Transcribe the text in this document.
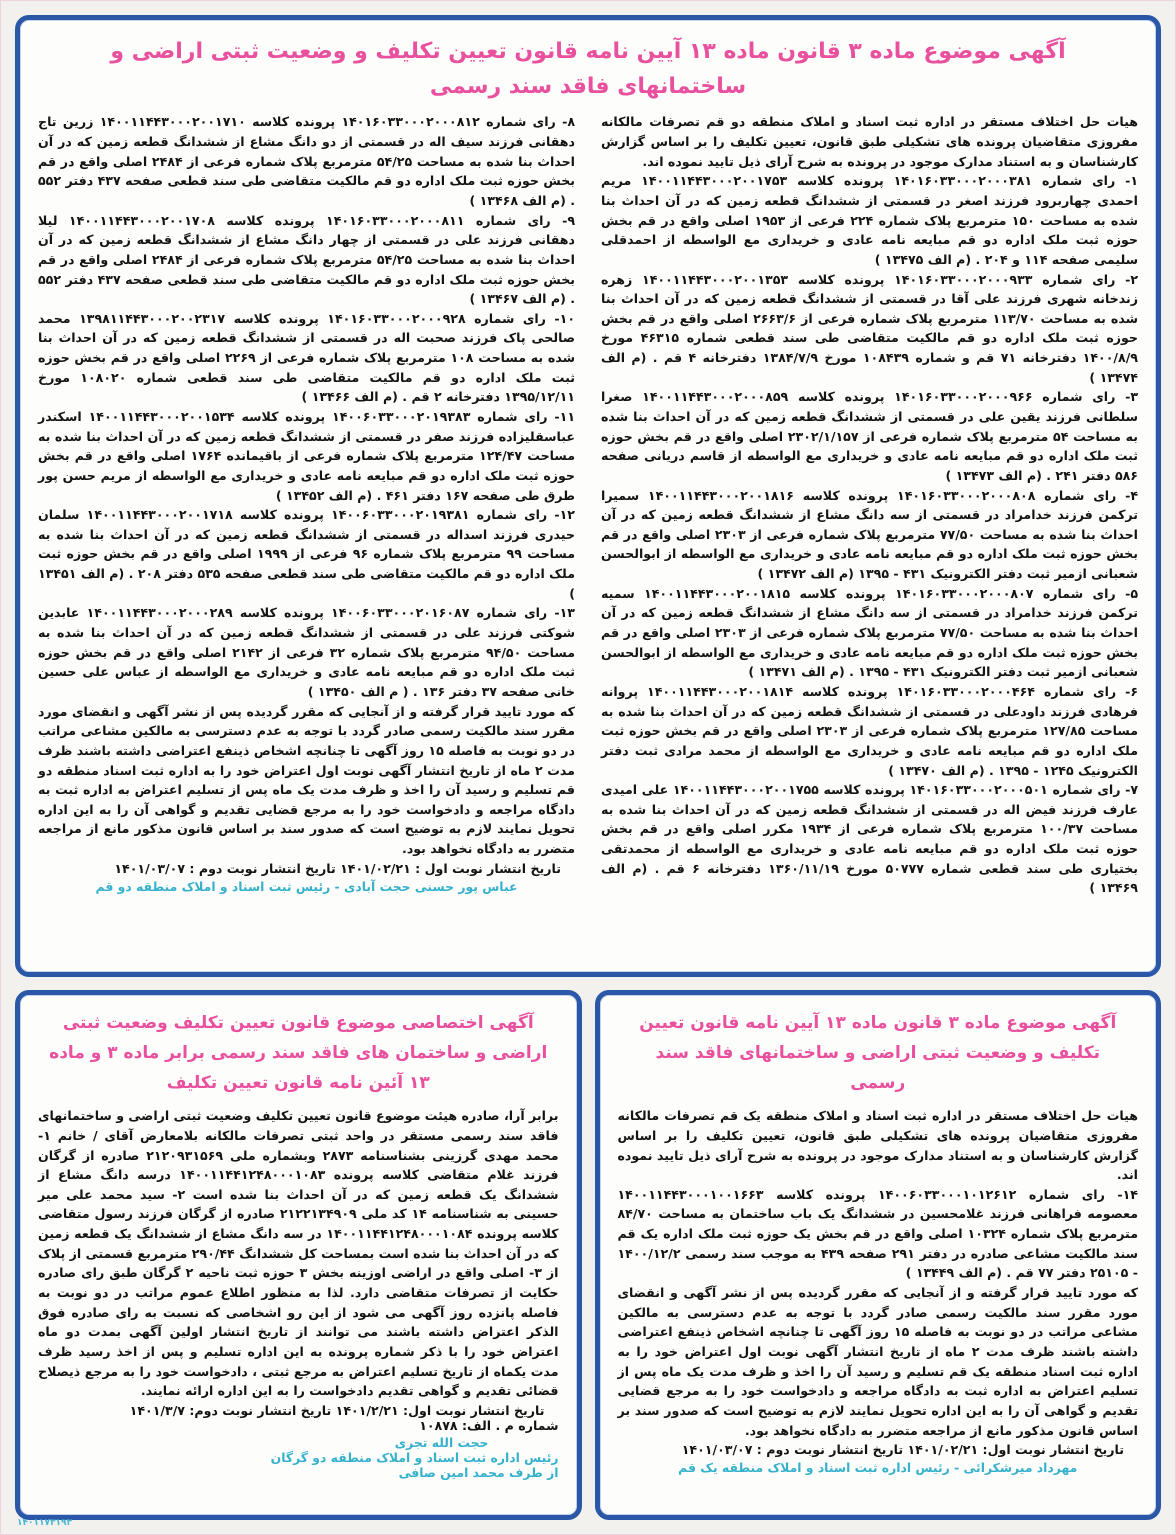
آگهی موضوع ماده ۳ قانون ماده ۱۳ آیین نامه قانون تعیین تکلیف و وضعیت ثبتی اراضی و ساختمانهای فاقد سند رسمی

هیات حل اختلاف مستقر در اداره ثبت اسناد و املاک منطقه دو قم تصرفات مالکانه مفروزی متقاضیان پرونده های تشکیلی طبق قانون، تعیین تکلیف را بر اساس گزارش کارشناسان و به استناد مدارک موجود در پرونده به شرح آرای ذیل تایید نموده اند.

۱- رای شماره ۱۴۰۱۶۰۳۳۰۰۰۲۰۰۰۳۸۱ پرونده کلاسه ۱۴۰۰۱۱۴۴۳۰۰۰۲۰۰۱۷۵۳ مریم احمدی چهاربرود فرزند اصغر در قسمتی از ششدانگ قطعه زمین که در آن احداث بنا شده به مساحت ۱۵۰ مترمربع پلاک شماره ۲۲۴ فرعی از ۱۹۵۳ اصلی واقع در قم بخش حوزه ثبت ملک اداره دو قم مبایعه نامه عادی و خریداری مع الواسطه از احمدقلی سلیمی صفحه ۱۱۴ و ۲۰۴ . (م الف ۱۳۴۷۵ )

۲- رای شماره ۱۴۰۱۶۰۳۳۰۰۰۲۰۰۰۹۳۳ پرونده کلاسه ۱۴۰۰۱۱۴۴۳۰۰۰۲۰۰۱۳۵۳ زهره زندخانه شهری فرزند علی آقا در قسمتی از ششدانگ قطعه زمین که در آن احداث بنا شده به مساحت ۱۱۳/۷۰ مترمربع پلاک شماره فرعی از ۲۶۶۳/۶ اصلی واقع در قم بخش حوزه ثبت ملک اداره دو قم مالکیت متقاضی طی سند قطعی شماره ۴۶۳۱۵ مورخ ۱۴۰۰/۸/۹ دفترخانه ۷۱ قم و شماره ۱۰۸۴۳۹ مورخ ۱۳۸۴/۷/۹ دفترخانه ۴ قم . (م الف ۱۳۴۷۴ )

۳- رای شماره ۱۴۰۱۶۰۳۳۰۰۰۲۰۰۰۹۶۶ پرونده کلاسه ۱۴۰۰۱۱۴۴۳۰۰۰۲۰۰۰۸۵۹ صغرا سلطانی فرزند یقین علی در قسمتی از ششدانگ قطعه زمین که در آن احداث بنا شده به مساحت ۵۴ مترمربع پلاک شماره فرعی از ۲۳۰۲/۱/۱۵۷ اصلی واقع در قم بخش حوزه ثبت ملک اداره دو قم مبایعه نامه عادی و خریداری مع الواسطه از قاسم دریانی صفحه ۵۸۶ دفتر ۲۴۱ . (م الف ۱۳۴۷۳ )

۴- رای شماره ۱۴۰۱۶۰۳۳۰۰۰۲۰۰۰۸۰۸ پرونده کلاسه ۱۴۰۰۱۱۴۴۳۰۰۰۲۰۰۱۸۱۶ سمیرا ترکمن فرزند خدامراد در قسمتی از سه دانگ مشاع از ششدانگ قطعه زمین که در آن احداث بنا شده به مساحت ۷۷/۵۰ مترمربع پلاک شماره فرعی از ۲۳۰۳ اصلی واقع در قم بخش حوزه ثبت ملک اداره دو قم مبایعه نامه عادی و خریداری مع الواسطه از ابوالحسن شعبانی ازمیر ثبت دفتر الکترونیک ۴۳۱ - ۱۳۹۵ (م الف ۱۳۴۷۲ )

۵- رای شماره ۱۴۰۱۶۰۳۳۰۰۰۲۰۰۰۸۰۷ پرونده کلاسه ۱۴۰۰۱۱۴۴۳۰۰۰۲۰۰۱۸۱۵ سمیه ترکمن فرزند خدامراد در قسمتی از سه دانگ مشاع از ششدانگ قطعه زمین که در آن احداث بنا شده به مساحت ۷۷/۵۰ مترمربع پلاک شماره فرعی از ۲۳۰۳ اصلی واقع در قم بخش حوزه ثبت ملک اداره دو قم مبایعه نامه عادی و خریداری مع الواسطه از ابوالحسن شعبانی ازمیر ثبت دفتر الکترونیک ۴۳۱ - ۱۳۹۵ . (م الف ۱۳۴۷۱ )

۶- رای شماره ۱۴۰۱۶۰۳۳۰۰۰۲۰۰۰۴۶۴ پرونده کلاسه ۱۴۰۰۱۱۴۴۳۰۰۰۲۰۰۱۸۱۴ پروانه فرهادی فرزند داودعلی در قسمتی از ششدانگ قطعه زمین که در آن احداث بنا شده به مساحت ۱۲۷/۸۵ مترمربع پلاک شماره فرعی از ۲۳۰۳ اصلی واقع در قم بخش حوزه ثبت ملک اداره دو قم مبایعه نامه عادی و خریداری مع الواسطه از محمد مرادی ثبت دفتر الکترونیک ۱۲۴۵ - ۱۳۹۵ . (م الف ۱۳۴۷۰ )

۷- رای شماره ۱۴۰۱۶۰۳۳۰۰۰۲۰۰۰۵۰۱ پرونده کلاسه ۱۴۰۰۱۱۴۴۳۰۰۰۲۰۰۱۷۵۵ علی امیدی عارف فرزند فیض اله در قسمتی از ششدانگ قطعه زمین که در آن احداث بنا شده به مساحت ۱۰۰/۳۷ مترمربع پلاک شماره فرعی از ۱۹۳۴ مکرر اصلی واقع در قم بخش حوزه ثبت ملک اداره دو قم مبایعه نامه عادی و خریداری مع الواسطه از محمدتقی بختیاری طی سند قطعی شماره ۵۰۷۷۷ مورخ ۱۳۶۰/۱۱/۱۹ دفترخانه ۶ قم . (م الف ۱۳۴۶۹ )

۸- رای شماره ۱۴۰۱۶۰۳۳۰۰۰۲۰۰۰۸۱۲ پرونده کلاسه ۱۴۰۰۱۱۴۴۳۰۰۰۲۰۰۱۷۱۰ زرین تاج دهقانی فرزند سیف اله در قسمتی از دو دانگ مشاع از ششدانگ قطعه زمین که در آن احداث بنا شده به مساحت ۵۴/۲۵ مترمربع پلاک شماره فرعی از ۲۴۸۴ اصلی واقع در قم بخش حوزه ثبت ملک اداره دو قم مالکیت متقاضی طی سند قطعی صفحه ۴۳۷ دفتر ۵۵۲ . (م الف ۱۳۴۶۸ )

۹- رای شماره ۱۴۰۱۶۰۳۳۰۰۰۲۰۰۰۸۱۱ پرونده کلاسه ۱۴۰۰۱۱۴۴۳۰۰۰۲۰۰۱۷۰۸ لیلا دهقانی فرزند علی در قسمتی از چهار دانگ مشاع از ششدانگ قطعه زمین که در آن احداث بنا شده به مساحت ۵۴/۲۵ مترمربع پلاک شماره فرعی از ۲۴۸۴ اصلی واقع در قم بخش حوزه ثبت ملک اداره دو قم مالکیت متقاضی طی سند قطعی صفحه ۴۳۷ دفتر ۵۵۲ . (م الف ۱۳۴۶۷ )

۱۰- رای شماره ۱۴۰۱۶۰۳۳۰۰۰۲۰۰۰۹۲۸ پرونده کلاسه ۱۳۹۸۱۱۴۴۳۰۰۰۲۰۰۲۳۱۷ محمد صالحی پاک فرزند صحبت اله در قسمتی از ششدانگ قطعه زمین که در آن احداث بنا شده به مساحت ۱۰۸ مترمربع پلاک شماره فرعی از ۲۲۶۹ اصلی واقع در قم بخش حوزه ثبت ملک اداره دو قم مالکیت متقاضی طی سند قطعی شماره ۱۰۸۰۲۰ مورخ ۱۳۹۵/۱۲/۱۱ دفترخانه ۲ قم . (م الف ۱۳۴۶۶ )

۱۱- رای شماره ۱۴۰۰۶۰۳۳۰۰۰۲۰۱۹۳۸۳ پرونده کلاسه ۱۴۰۰۱۱۴۴۳۰۰۰۲۰۰۱۵۳۴ اسکندر عباسقلیزاده فرزند صفر در قسمتی از ششدانگ قطعه زمین که در آن احداث بنا شده به مساحت ۱۲۴/۴۷ مترمربع پلاک شماره فرعی از باقیمانده ۱۷۶۴ اصلی واقع در قم بخش حوزه ثبت ملک اداره دو قم مبایعه نامه عادی و خریداری مع الواسطه از مریم حسن پور طرق طی صفحه ۱۶۷ دفتر ۴۶۱ . (م الف ۱۳۴۵۲ )

۱۲- رای شماره ۱۴۰۰۶۰۳۳۰۰۰۲۰۱۹۳۸۱ پرونده کلاسه ۱۴۰۰۱۱۴۴۳۰۰۰۲۰۰۱۷۱۸ سلمان حیدری فرزند اسداله در قسمتی از ششدانگ قطعه زمین که در آن احداث بنا شده به مساحت ۹۹ مترمربع پلاک شماره ۹۶ فرعی از ۱۹۹۹ اصلی واقع در قم بخش حوزه ثبت ملک اداره دو قم مالکیت متقاضی طی سند قطعی صفحه ۵۳۵ دفتر ۲۰۸ . (م الف ۱۳۴۵۱ )

۱۳- رای شماره ۱۴۰۰۶۰۳۳۰۰۰۲۰۱۶۰۸۷ پرونده کلاسه ۱۴۰۰۱۱۴۴۳۰۰۰۲۰۰۰۲۸۹ عابدین شوکتی فرزند علی در قسمتی از ششدانگ قطعه زمین که در آن احداث بنا شده به مساحت ۹۴/۵۰ مترمربع پلاک شماره ۳۲ فرعی از ۲۱۴۲ اصلی واقع در قم بخش حوزه ثبت ملک اداره دو قم مبایعه نامه عادی و خریداری مع الواسطه از عباس علی حسین خانی صفحه ۳۷ دفتر ۱۳۶ . ( م الف ۱۳۴۵۰ )

که مورد تایید قرار گرفته و از آنجایی که مقرر گردیده پس از نشر آگهی و انقضای مورد مقرر سند مالکیت رسمی صادر گردد با توجه به عدم دسترسی به مالکین مشاعی مراتب در دو نوبت به فاصله ۱۵ روز آگهی تا چنانچه اشخاص ذینفع اعتراضی داشته باشند ظرف مدت ۲ ماه از تاریخ انتشار آگهی نوبت اول اعتراض خود را به اداره ثبت اسناد منطقه دو قم تسلیم و رسید آن را اخذ و ظرف مدت یک ماه پس از تسلیم اعتراض به اداره ثبت به دادگاه مراجعه و دادخواست خود را به مرجع قضایی تقدیم و گواهی آن را به این اداره تحویل نمایند لازم به توضیح است که صدور سند بر اساس قانون مذکور مانع از مراجعه متضرر به دادگاه نخواهد بود.

تاریخ انتشار نوبت اول : ۱۴۰۱/۰۲/۲۱ تاریخ انتشار نوبت دوم : ۱۴۰۱/۰۳/۰۷

عباس پور حسنی حجت آبادی - رئیس ثبت اسناد و املاک منطقه دو قم

آگهی اختصاصی موضوع قانون تعیین تکلیف وضعیت ثبتی اراضی و ساختمان های فاقد سند رسمی برابر ماده ۳ و ماده ۱۳ آئین نامه قانون تعیین تکلیف

برابر آرا، صادره هیئت موضوع قانون تعیین تکلیف وضعیت ثبتی اراضی و ساختمانهای فاقد سند رسمی مستقر در واحد ثبتی تصرفات مالکانه بلامعارض آقای / خانم ۱- محمد مهدی گرزینی بشناسنامه ۲۸۷۳ وبشماره ملی ۲۱۲۰۹۳۱۵۶۹ صادره از گرگان فرزند غلام متقاضی کلاسه پرونده ۱۴۰۰۱۱۴۴۱۲۴۸۰۰۰۱۰۸۳ درسه دانگ مشاع از ششدانگ یک قطعه زمین که در آن احداث بنا شده است ۲- سید محمد علی میر حسینی به شناسنامه ۱۴ کد ملی ۲۱۲۲۱۳۴۹۰۹ صادره از گرگان فرزند رسول متقاضی کلاسه پرونده ۱۴۰۰۱۱۴۴۱۲۴۸۰۰۰۱۰۸۴ در سه دانگ مشاع از ششدانگ یک قطعه زمین که در آن احداث بنا شده است بمساحت کل ششدانگ ۲۹۰/۴۴ مترمربع قسمتی از پلاک از ۳- اصلی واقع در اراضی اوزینه بخش ۳ حوزه ثبت ناحیه ۲ گرگان طبق رای صادره حکایت از تصرفات متقاضی دارد. لذا به منظور اطلاع عموم مراتب در دو نوبت به فاصله پانزده روز آگهی می شود از این رو اشخاصی که نسبت به رای صادره فوق الذکر اعتراض داشته باشند می توانند از تاریخ انتشار اولین آگهی بمدت دو ماه اعتراض خود را با ذکر شماره پرونده به این اداره تسلیم و پس از اخذ رسید ظرف مدت یکماه از تاریخ تسلیم اعتراض به مرجع ثبتی ، دادخواست خود را به مرجع ذیصلاح قضائی تقدیم و گواهی تقدیم دادخواست را به این اداره ارائه نمایند.

تاریخ انتشار نوبت اول: ۱۴۰۱/۲/۲۱ تاریخ انتشار نوبت دوم: ۱۴۰۱/۳/۷

شماره م . الف: ۱۰۸۷۸

حجت الله تجری

رئیس اداره ثبت اسناد و املاک منطقه دو گرگان

از طرف محمد امین صافی

آگهی موضوع ماده ۳ قانون ماده ۱۳ آیین نامه قانون تعیین تکلیف و وضعیت ثبتی اراضی و ساختمانهای فاقد سند رسمی

هیات حل اختلاف مستقر در اداره ثبت اسناد و املاک منطقه یک قم تصرفات مالکانه مفروزی متقاضیان پرونده های تشکیلی طبق قانون، تعیین تکلیف را بر اساس گزارش کارشناسان و به استناد مدارک موجود در پرونده به شرح آرای ذیل تایید نموده اند.

۱۴- رای شماره ۱۴۰۰۶۰۳۳۰۰۰۱۰۱۲۶۱۲ پرونده کلاسه ۱۴۰۰۱۱۴۴۳۰۰۰۱۰۰۱۶۶۳ معصومه فراهانی فرزند غلامحسین در ششدانگ یک باب ساختمان به مساحت ۸۴/۷۰ مترمربع پلاک شماره ۱۰۳۲۴ اصلی واقع در قم بخش یک حوزه ثبت ملک اداره یک قم سند مالکیت مشاعی صادره در دفتر ۲۹۱ صفحه ۴۳۹ به موجب سند رسمی ۱۴۰۰/۱۲/۲ - ۲۵۱۰۵ دفتر ۷۷ قم . (م الف ۱۳۴۴۹ )

که مورد تایید قرار گرفته و از آنجایی که مقرر گردیده پس از نشر آگهی و انقضای مورد مقرر سند مالکیت رسمی صادر گردد با توجه به عدم دسترسی به مالکین مشاعی مراتب در دو نوبت به فاصله ۱۵ روز آگهی تا چنانچه اشخاص ذینفع اعتراضی داشته باشند ظرف مدت ۲ ماه از تاریخ انتشار آگهی نوبت اول اعتراض خود را به اداره ثبت اسناد منطقه یک قم تسلیم و رسید آن را اخذ و ظرف مدت یک ماه پس از تسلیم اعتراض به اداره ثبت به دادگاه مراجعه و دادخواست خود را به مرجع قضایی تقدیم و گواهی آن را به این اداره تحویل نمایند لازم به توضیح است که صدور سند بر اساس قانون مذکور مانع از مراجعه متضرر به دادگاه نخواهد بود.

تاریخ انتشار نوبت اول: ۱۴۰۱/۰۲/۲۱ تاریخ انتشار نوبت دوم : ۱۴۰۱/۰۳/۰۷

مهرداد میرشکرائی - رئیس اداره ثبت اسناد و املاک منطقه یک قم

۱۴۰۱۱۷۳۱۹۳
